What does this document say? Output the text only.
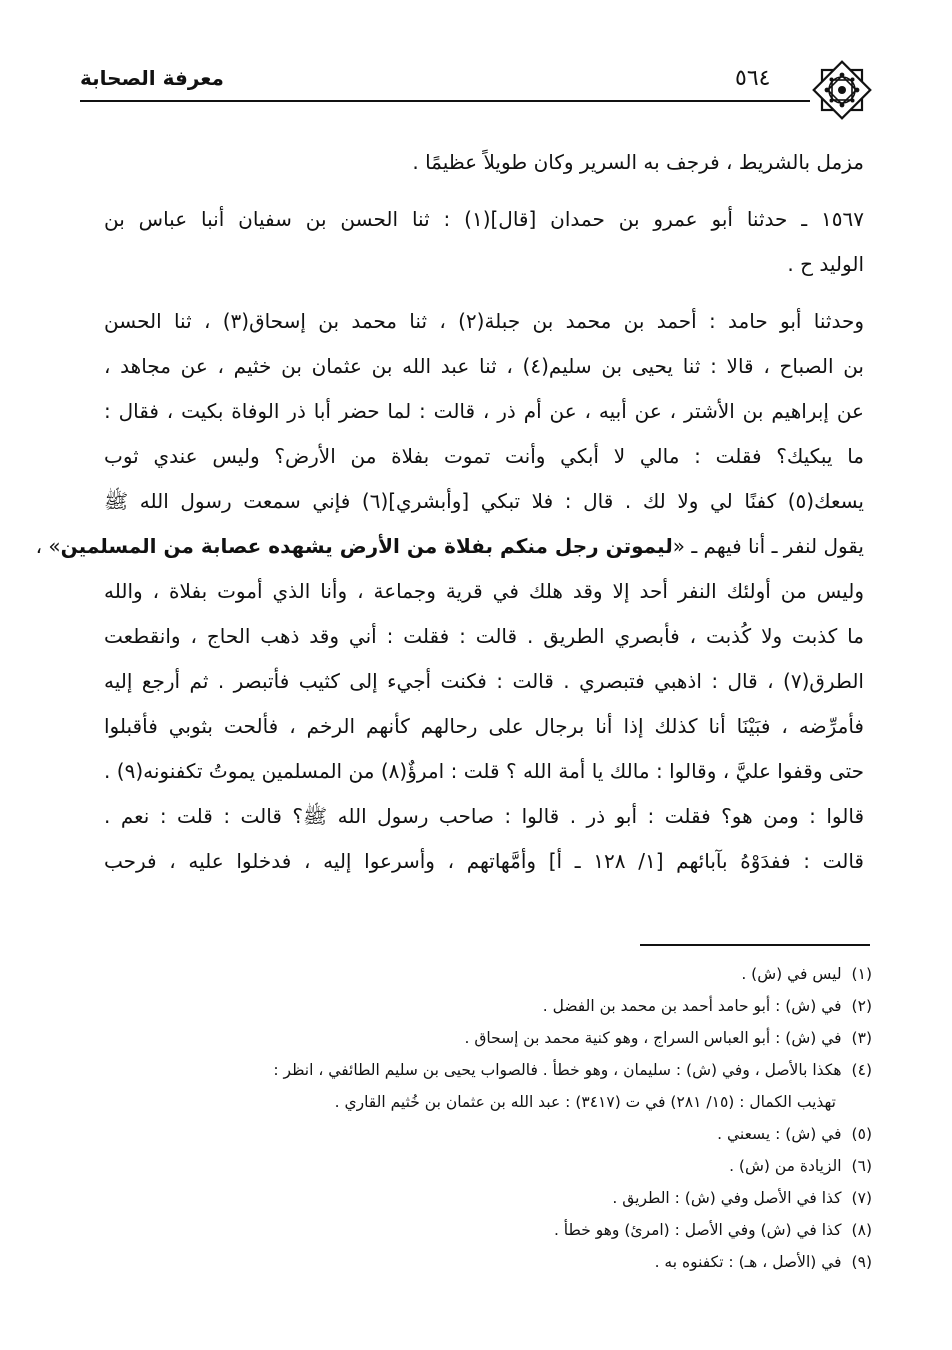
معرفة الصحابة	٥٦٤
مزمل بالشريط ، فرجف به السرير وكان طويلاً عظيمًا .
١٥٦٧ ـ حدثنا أبو عمرو بن حمدان [قال](١) : ثنا الحسن بن سفيان أنبا عباس بن
الوليد ح .
وحدثنا أبو حامد : أحمد بن محمد بن جبلة(٢) ، ثنا محمد بن إسحاق(٣) ، ثنا الحسن
بن الصباح ، قالا : ثنا يحيى بن سليم(٤) ، ثنا عبد الله بن عثمان بن خثيم ، عن مجاهد ،
عن إبراهيم بن الأشتر ، عن أبيه ، عن أم ذر ، قالت : لما حضر أبا ذر الوفاة بكيت ، فقال :
ما يبكيك؟ فقلت : مالي لا أبكي وأنت تموت بفلاة من الأرض؟ وليس عندي ثوب
يسعك(٥) كفنًا لي ولا لك . قال : فلا تبكي [وأبشري](٦) فإني سمعت رسول الله ﷺ
يقول لنفر ـ أنا فيهم ـ «ليموتن رجل منكم بفلاة من الأرض يشهده عصابة من المسلمين» ،
وليس من أولئك النفر أحد إلا وقد هلك في قرية وجماعة ، وأنا الذي أموت بفلاة ، والله
ما كذبت ولا كُذبت ، فأبصري الطريق . قالت : فقلت : أني وقد ذهب الحاج ، وانقطعت
الطرق(٧) ، قال : اذهبي فتبصري . قالت : فكنت أجيء إلى كثيب فأتبصر . ثم أرجع إليه
فأمرِّضه ، فبَيْنَا أنا كذلك إذا أنا برجال على رحالهم كأنهم الرخم ، فألحت بثوبي فأقبلوا
حتى وقفوا عليَّ ، وقالوا : مالك يا أمة الله ؟ قلت : امرؤٌ(٨) من المسلمين يموتُ تكفنونه(٩) .
قالوا : ومن هو؟ فقلت : أبو ذر . قالوا : صاحب رسول الله ﷺ؟ قالت : قلت : نعم .
قالت : ففدَوْهُ بآبائهم [١/ ١٢٨ ـ أ] وأمَّهاتهم ، وأسرعوا إليه ، فدخلوا عليه ، فرحب
(١)ليس في (ش) .
(٢)في (ش) : أبو حامد أحمد بن محمد بن الفضل .
(٣)في (ش) : أبو العباس السراج ، وهو كنية محمد بن إسحاق .
(٤)هكذا بالأصل ، وفي (ش) : سليمان ، وهو خطأ . فالصواب يحيى بن سليم الطائفي ، انظر :
تهذيب الكمال : (١٥/ ٢٨١) في ت (٣٤١٧) : عبد الله بن عثمان بن خُثيم القاري .
(٥)في (ش) : يسعني .
(٦)الزيادة من (ش) .
(٧)كذا في الأصل وفي (ش) : الطريق .
(٨)كذا في (ش) وفي الأصل : (امرئ) وهو خطأ .
(٩)في (الأصل ، هـ) : تكفنوه به .
